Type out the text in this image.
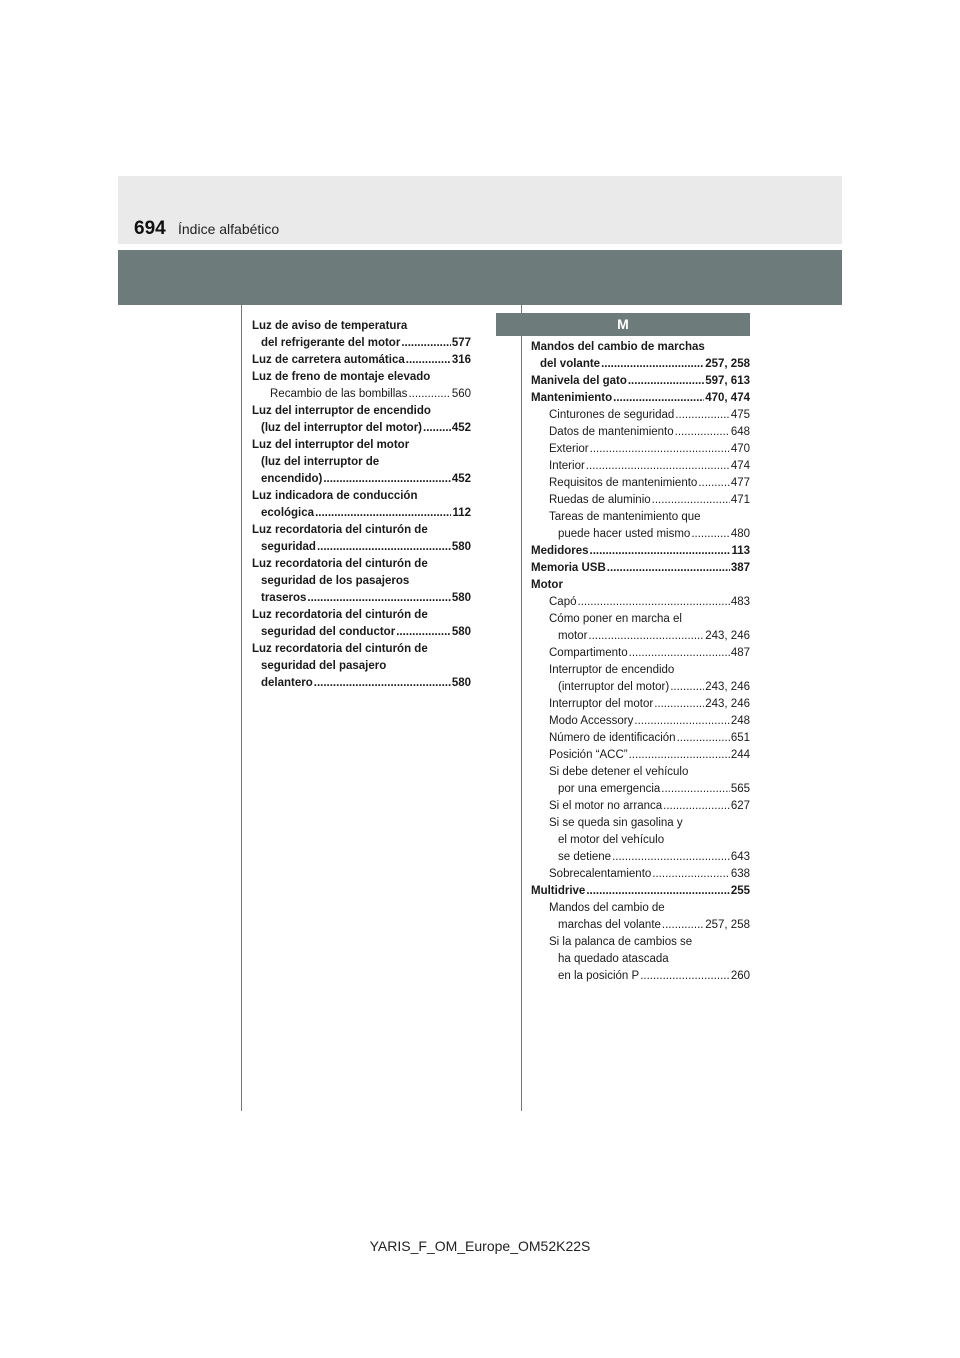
694 Índice alfabético
Luz de aviso de temperatura
del refrigerante del motor .....	577
Luz de carretera automática .....	316
Luz de freno de montaje elevado
Recambio de las bombillas .....	560
Luz del interruptor de encendido
(luz del interruptor del motor) .....	452
Luz del interruptor del motor
(luz del interruptor de
encendido) .....	452
Luz indicadora de conducción
ecológica .....	112
Luz recordatoria del cinturón de
seguridad .....	580
Luz recordatoria del cinturón de
seguridad de los pasajeros
traseros .....	580
Luz recordatoria del cinturón de
seguridad del conductor .....	580
Luz recordatoria del cinturón de
seguridad del pasajero
delantero .....	580
M
Mandos del cambio de marchas
del volante .....	257, 258
Manivela del gato .....	597, 613
Mantenimiento .....	470, 474
Cinturones de seguridad .....	475
Datos de mantenimiento .....	648
Exterior .....	470
Interior .....	474
Requisitos de mantenimiento .....	477
Ruedas de aluminio .....	471
Tareas de mantenimiento que
puede hacer usted mismo .....	480
Medidores .....	113
Memoria USB .....	387
Motor
Capó .....	483
Cómo poner en marcha el
motor .....	243, 246
Compartimento .....	487
Interruptor de encendido
(interruptor del motor) .....	243, 246
Interruptor del motor .....	243, 246
Modo Accessory .....	248
Número de identificación .....	651
Posición “ACC” .....	244
Si debe detener el vehículo
por una emergencia .....	565
Si el motor no arranca .....	627
Si se queda sin gasolina y
el motor del vehículo
se detiene .....	643
Sobrecalentamiento .....	638
Multidrive .....	255
Mandos del cambio de
marchas del volante .....	257, 258
Si la palanca de cambios se
ha quedado atascada
en la posición P .....	260
YARIS_F_OM_Europe_OM52K22S
